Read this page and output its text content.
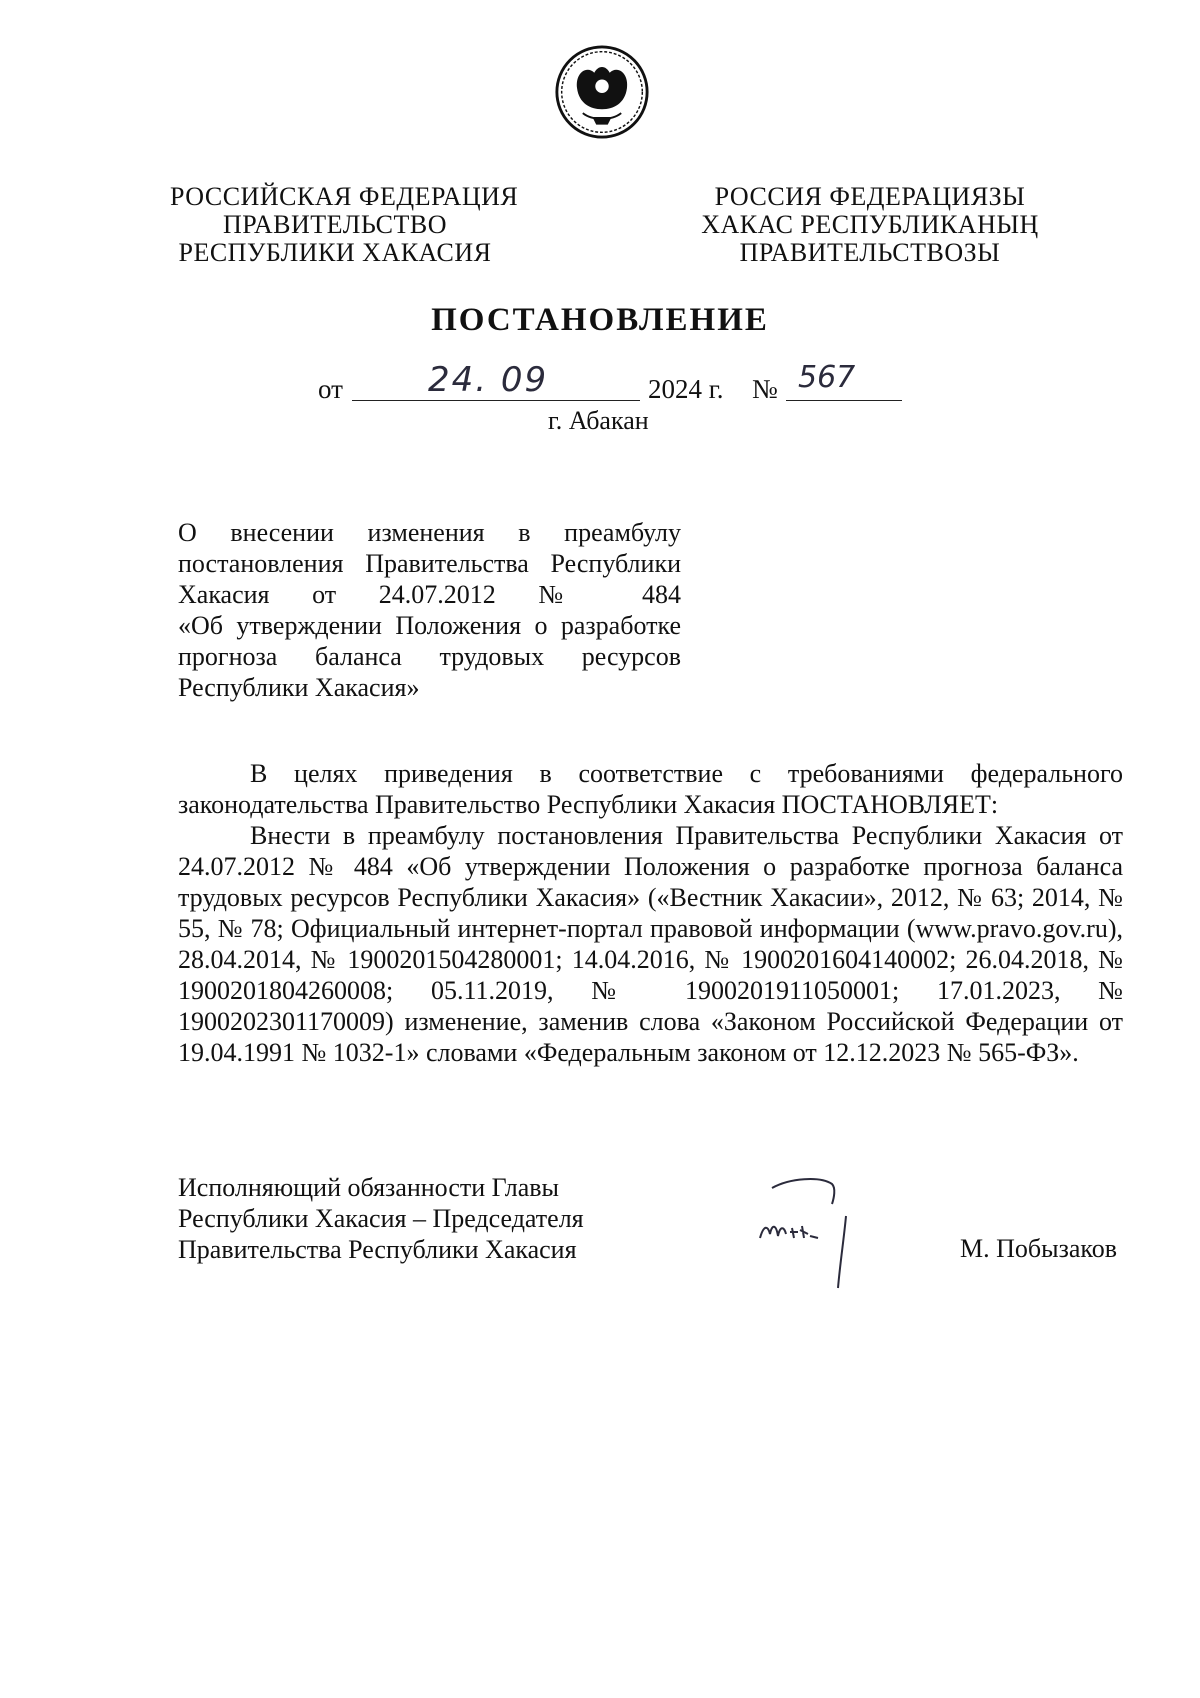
РОССИЙСКАЯ ФЕДЕРАЦИЯ
ПРАВИТЕЛЬСТВО
РЕСПУБЛИКИ ХАКАСИЯ
РОССИЯ ФЕДЕРАЦИЯЗЫ
ХАКАС РЕСПУБЛИКАНЫҢ
ПРАВИТЕЛЬСТВОЗЫ
ПОСТАНОВЛЕНИЕ
от	24. 09	2024 г. № 567
г. Абакан
О внесении изменения в преамбулу
постановления Правительства Республики
Хакасия от 24.07.2012 № 484
«Об утверждении Положения о разработке
прогноза баланса трудовых ресурсов
Республики Хакасия»

В целях приведения в соответствие с требованиями федерального законодательства Правительство Республики Хакасия ПОСТАНОВЛЯЕТ:

Внести в преамбулу постановления Правительства Республики Хакасия от 24.07.2012 № 484 «Об утверждении Положения о разработке прогноза баланса трудовых ресурсов Республики Хакасия» («Вестник Хакасии», 2012, № 63; 2014, № 55, № 78; Официальный интернет-портал правовой информации (www.pravo.gov.ru), 28.04.2014, № 1900201504280001; 14.04.2016, № 1900201604140002; 26.04.2018, № 1900201804260008; 05.11.2019, № 1900201911050001; 17.01.2023, № 1900202301170009) изменение, заменив слова «Законом Российской Федерации от 19.04.1991 № 1032-1» словами «Федеральным законом от 12.12.2023 № 565-ФЗ».

Исполняющий обязанности Главы
Республики Хакасия – Председателя
Правительства Республики Хакасия	М. Побызаков
